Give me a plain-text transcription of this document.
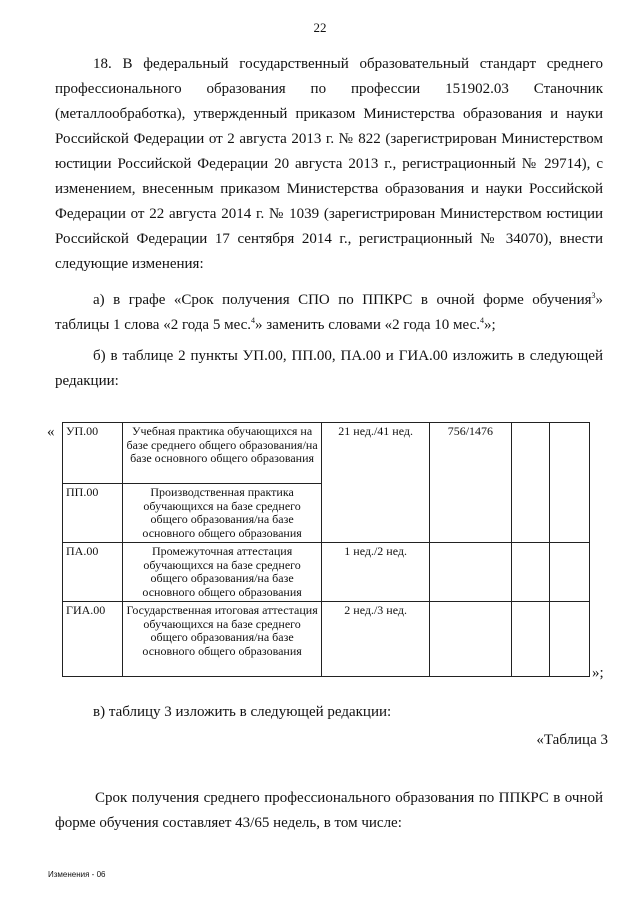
22
18. В федеральный государственный образовательный стандарт среднего профессионального образования по профессии 151902.03 Станочник (металлообработка), утвержденный приказом Министерства образования и науки Российской Федерации от 2 августа 2013 г. № 822 (зарегистрирован Министерством юстиции Российской Федерации 20 августа 2013 г., регистрационный № 29714), с изменением, внесенным приказом Министерства образования и науки Российской Федерации от 22 августа 2014 г. № 1039 (зарегистрирован Министерством юстиции Российской Федерации 17 сентября 2014 г., регистрационный № 34070), внести следующие изменения:
а) в графе «Срок получения СПО по ППКРС в очной форме обучения$^3$» таблицы 1 слова «2 года 5 мес.$^4$» заменить словами «2 года 10 мес.$^4$»;
б) в таблице 2 пункты УП.00, ПП.00, ПА.00 и ГИА.00 изложить в следующей редакции:
« УП.00	Учебная практика обучающихся на базе среднего общего образования/на базе основного общего образования	21 нед./41 нед.	756/1476		
ПП.00	Производственная практика обучающихся на базе среднего общего образования/на базе основного общего образования				
ПА.00	Промежуточная аттестация обучающихся на базе среднего общего образования/на базе основного общего образования	1 нед./2 нед.			
ГИА.00	Государственная итоговая аттестация обучающихся на базе среднего общего образования/на базе основного общего образования	2 нед./3 нед.			
»;
в) таблицу 3 изложить в следующей редакции:
«Таблица 3
Срок получения среднего профессионального образования по ППКРС в очной форме обучения составляет 43/65 недель, в том числе:
Изменения - 06
